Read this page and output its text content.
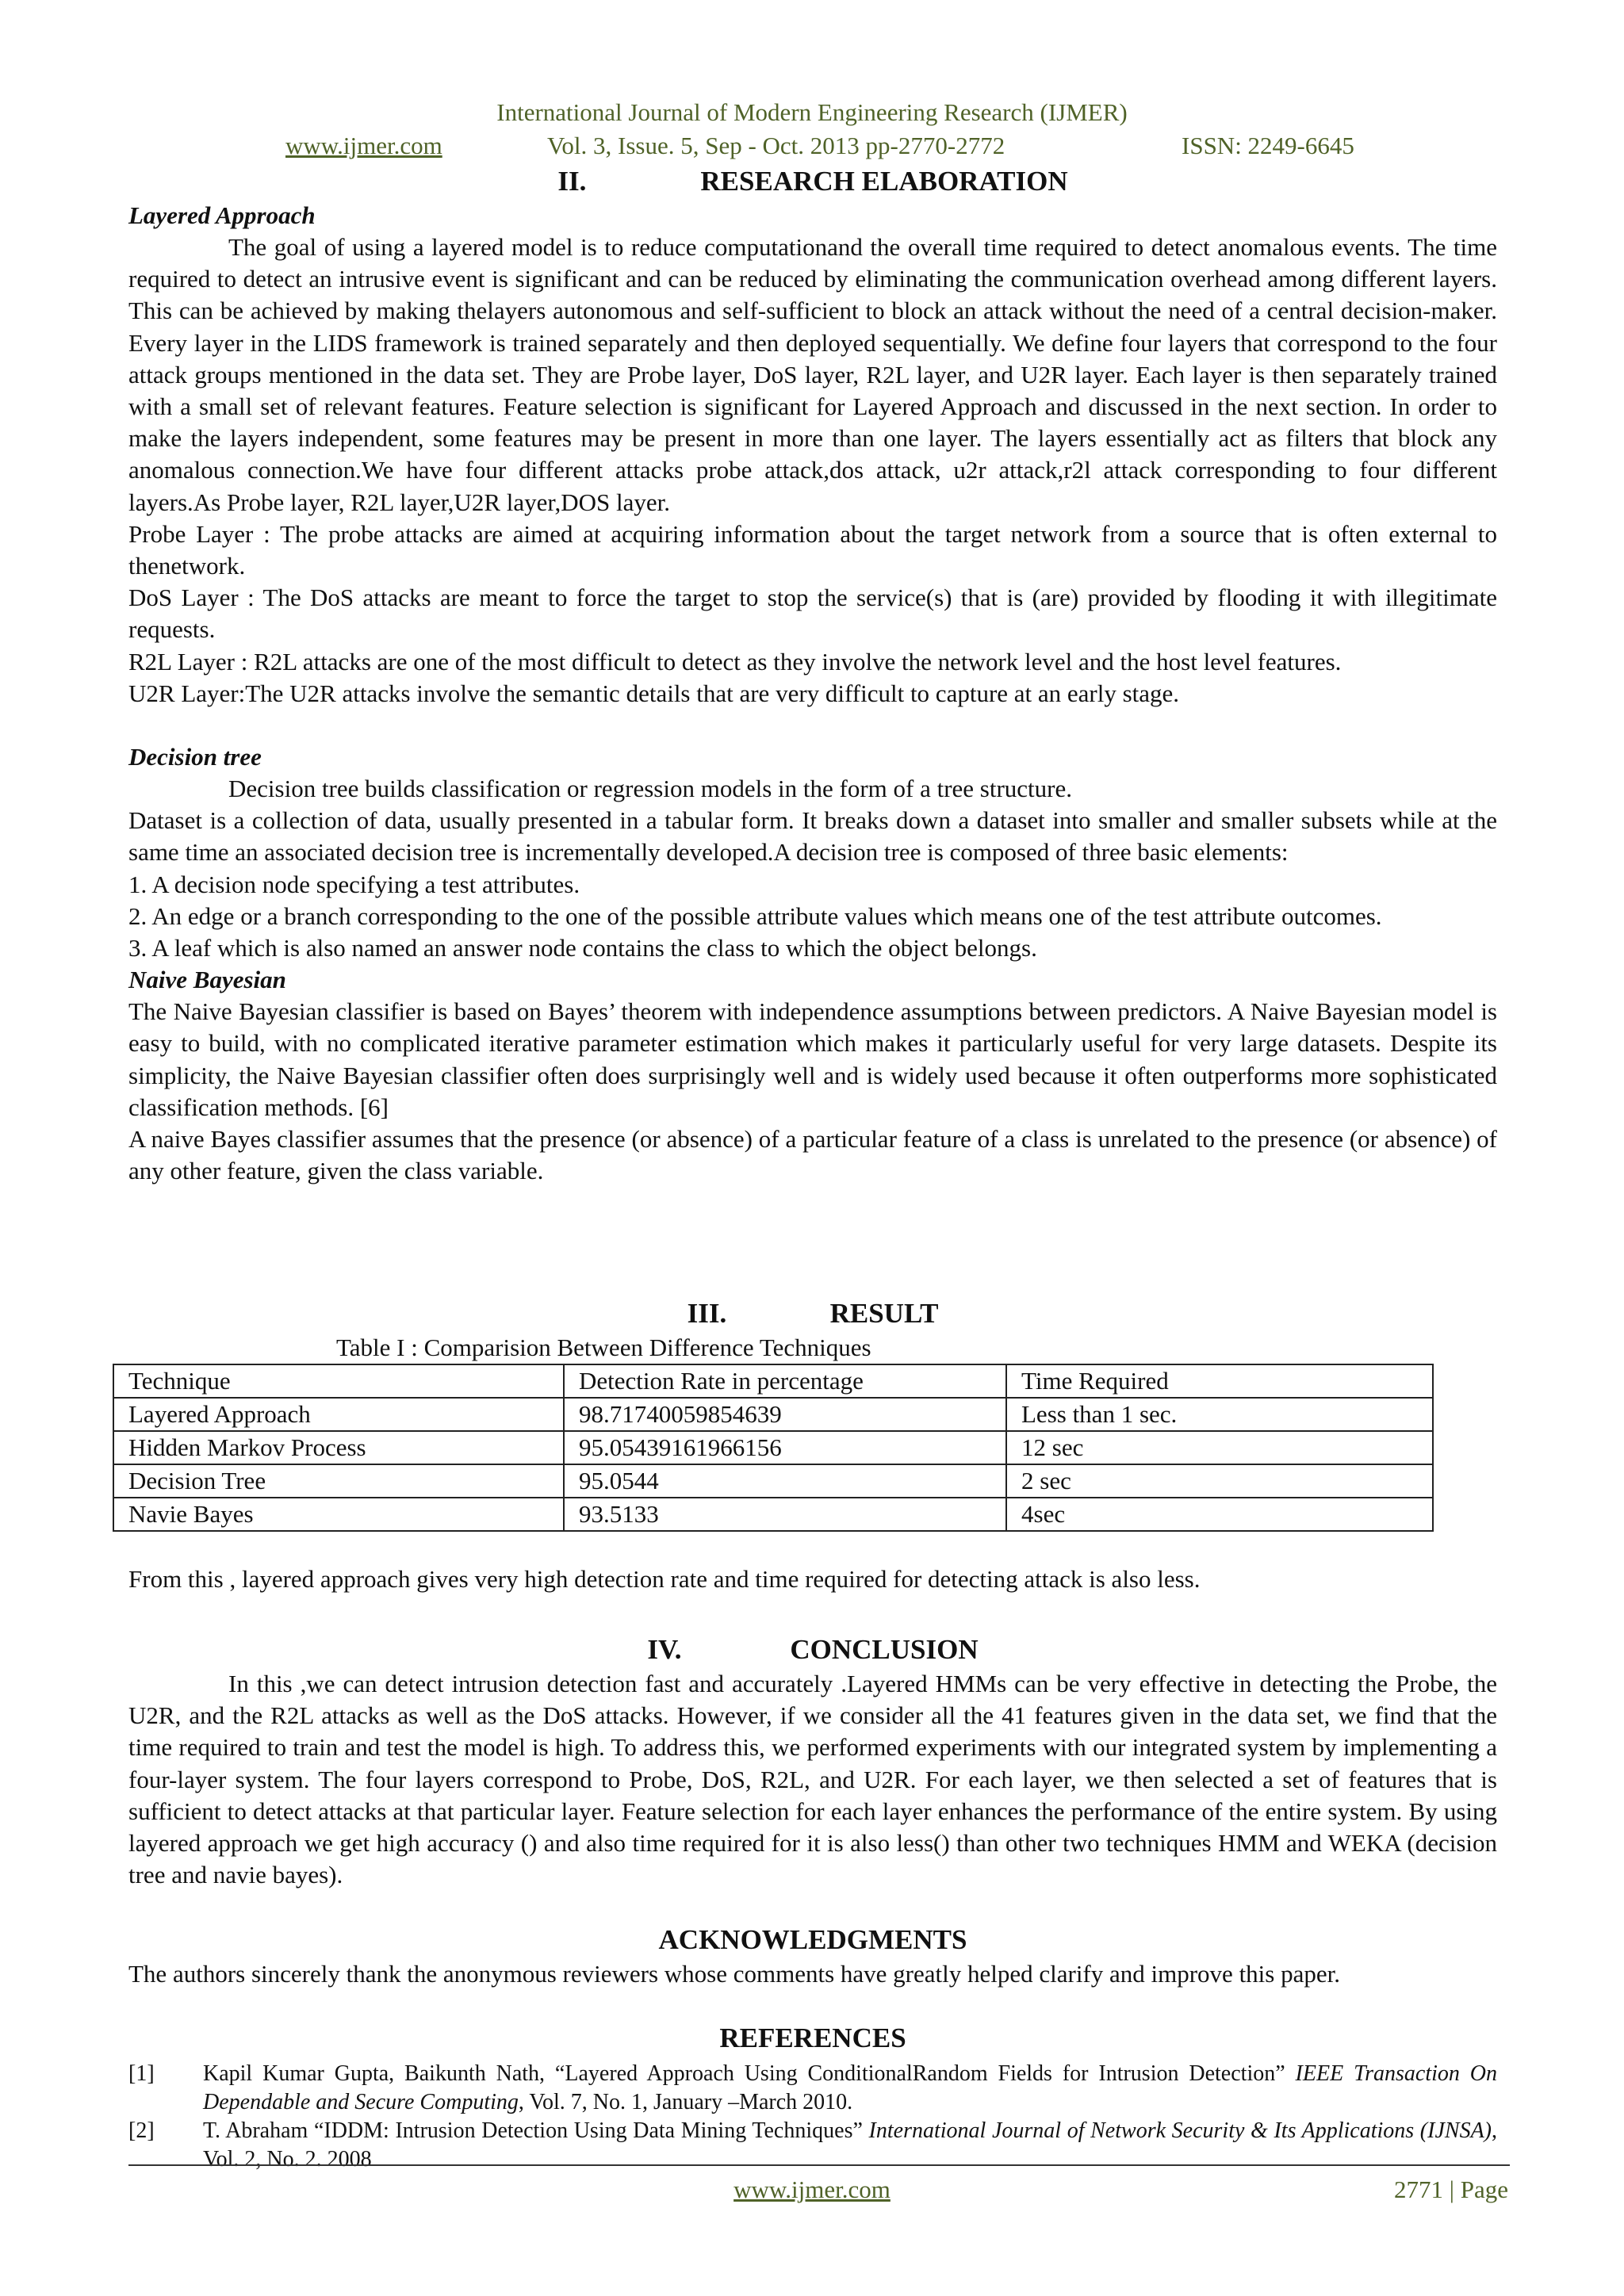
International Journal of Modern Engineering Research (IJMER)
www.ijmer.com	Vol. 3, Issue. 5, Sep - Oct. 2013 pp-2770-2772	ISSN: 2249-6645
II.	RESEARCH ELABORATION
Layered Approach

The goal of using a layered model is to reduce computationand the overall time required to detect anomalous events. The time required to detect an intrusive event is significant and can be reduced by eliminating the communication overhead among different layers. This can be achieved by making thelayers autonomous and self-sufficient to block an attack without the need of a central decision-maker. Every layer in the LIDS framework is trained separately and then deployed sequentially. We define four layers that correspond to the four attack groups mentioned in the data set. They are Probe layer, DoS layer, R2L layer, and U2R layer. Each layer is then separately trained with a small set of relevant features. Feature selection is significant for Layered Approach and discussed in the next section. In order to make the layers independent, some features may be present in more than one layer. The layers essentially act as filters that block any anomalous connection.We have four different attacks probe attack,dos attack, u2r attack,r2l attack corresponding to four different layers.As Probe layer, R2L layer,U2R layer,DOS layer.

Probe Layer : The probe attacks are aimed at acquiring information about the target network from a source that is often external to thenetwork.

DoS Layer : The DoS attacks are meant to force the target to stop the service(s) that is (are) provided by flooding it with illegitimate requests.

R2L Layer : R2L attacks are one of the most difficult to detect as they involve the network level and the host level features.

U2R Layer:The U2R attacks involve the semantic details that are very difficult to capture at an early stage.

Decision tree

Decision tree builds classification or regression models in the form of a tree structure.

Dataset is a collection of data, usually presented in a tabular form. It breaks down a dataset into smaller and smaller subsets while at the same time an associated decision tree is incrementally developed.A decision tree is composed of three basic elements:

1. A decision node specifying a test attributes.

2. An edge or a branch corresponding to the one of the possible attribute values which means one of the test attribute outcomes.

3. A leaf which is also named an answer node contains the class to which the object belongs.

Naive Bayesian

The Naive Bayesian classifier is based on Bayes’ theorem with independence assumptions between predictors. A Naive Bayesian model is easy to build, with no complicated iterative parameter estimation which makes it particularly useful for very large datasets. Despite its simplicity, the Naive Bayesian classifier often does surprisingly well and is widely used because it often outperforms more sophisticated classification methods. [6]

A naive Bayes classifier assumes that the presence (or absence) of a particular feature of a class is unrelated to the presence (or absence) of any other feature, given the class variable.

III.	RESULT
Table I : Comparision Between Difference Techniques
Technique	Detection Rate in percentage	Time Required
Layered Approach	98.71740059854639	Less than 1 sec.
Hidden Markov Process	95.05439161966156	12 sec
Decision Tree	95.0544	2 sec
Navie Bayes	93.5133	4sec

From this , layered approach gives very high detection rate and time required for detecting attack is also less.

IV.	CONCLUSION

In this ,we can detect intrusion detection fast and accurately .Layered HMMs can be very effective in detecting the Probe, the U2R, and the R2L attacks as well as the DoS attacks. However, if we consider all the 41 features given in the data set, we find that the time required to train and test the model is high. To address this, we performed experiments with our integrated system by implementing a four-layer system. The four layers correspond to Probe, DoS, R2L, and U2R. For each layer, we then selected a set of features that is sufficient to detect attacks at that particular layer. Feature selection for each layer enhances the performance of the entire system. By using layered approach we get high accuracy () and also time required for it is also less() than other two techniques HMM and WEKA (decision tree and navie bayes).

ACKNOWLEDGMENTS

The authors sincerely thank the anonymous reviewers whose comments have greatly helped clarify and improve this paper.

REFERENCES
[1]	Kapil Kumar Gupta, Baikunth Nath, “Layered Approach Using ConditionalRandom Fields for Intrusion Detection” IEEE Transaction On Dependable and Secure Computing, Vol. 7, No. 1, January –March 2010.
[2]	T. Abraham “IDDM: Intrusion Detection Using Data Mining Techniques” International Journal of Network Security & Its Applications (IJNSA), Vol. 2, No. 2. 2008
www.ijmer.com	2771 | Page
